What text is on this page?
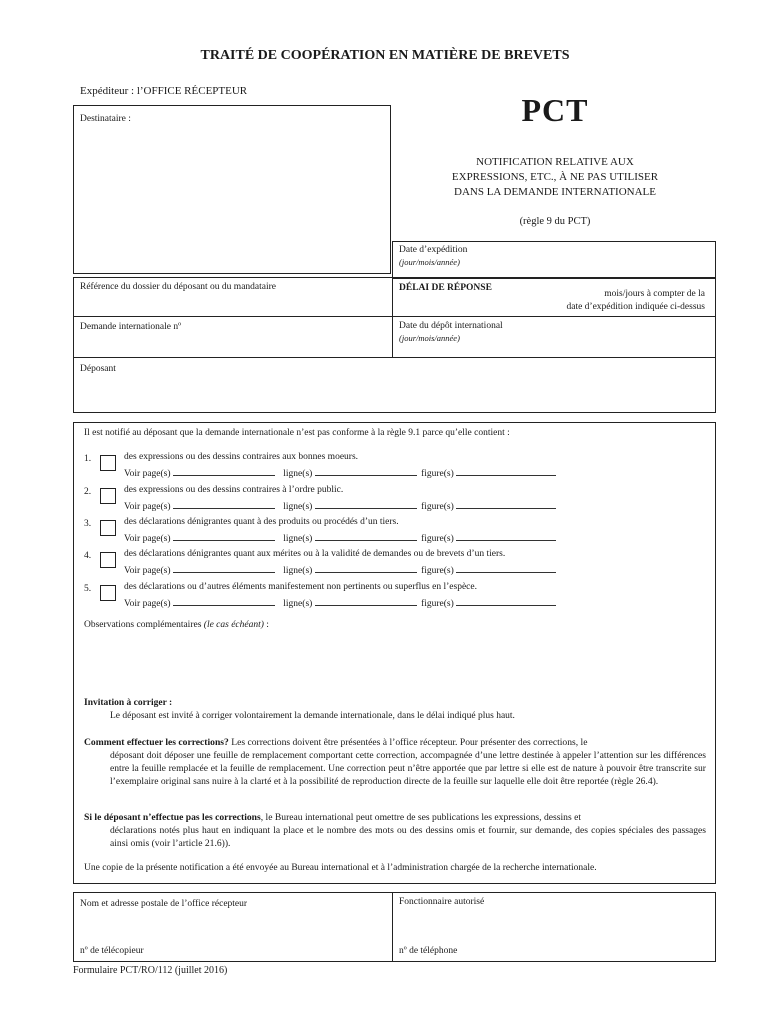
TRAITÉ DE COOPÉRATION EN MATIÈRE DE BREVETS
Expéditeur : l’OFFICE RÉCEPTEUR
Destinataire :	PCT
NOTIFICATION RELATIVE AUX
EXPRESSIONS, ETC., À NE PAS UTILISER
DANS LA DEMANDE INTERNATIONALE
(règle 9 du PCT)
Date d’expédition
(jour/mois/année)
Référence du dossier du déposant ou du mandataire	DÉLAI DE RÉPONSE
mois/jours à compter de la
date d’expédition indiquée ci-dessus
Demande internationale nº	Date du dépôt international
(jour/mois/année)
Déposant
Il est notifié au déposant que la demande internationale n’est pas conforme à la règle 9.1 parce qu’elle contient :
1.	des expressions ou des dessins contraires aux bonnes moeurs.
Voir page(s)	ligne(s)	figure(s)
2.	des expressions ou des dessins contraires à l’ordre public.
Voir page(s)	ligne(s)	figure(s)
3.	des déclarations dénigrantes quant à des produits ou procédés d’un tiers.
Voir page(s)	ligne(s)	figure(s)
4.	des déclarations dénigrantes quant aux mérites ou à la validité de demandes ou de brevets d’un tiers.
Voir page(s)	ligne(s)	figure(s)
5.	des déclarations ou d’autres éléments manifestement non pertinents ou superflus en l’espèce.
Voir page(s)	ligne(s)	figure(s)
Observations complémentaires (le cas échéant) :
Invitation à corriger :
Le déposant est invité à corriger volontairement la demande internationale, dans le délai indiqué plus haut.
Comment effectuer les corrections? Les corrections doivent être présentées à l’office récepteur. Pour présenter des corrections, le
déposant doit déposer une feuille de remplacement comportant cette correction, accompagnée d’une lettre destinée à appeler l’attention sur les différences entre la feuille remplacée et la feuille de remplacement. Une correction peut n’être apportée que par lettre si elle est de nature à pouvoir être transcrite sur l’exemplaire original sans nuire à la clarté et à la possibilité de reproduction directe de la feuille sur laquelle elle doit être reportée (règle 26.4).
Si le déposant n’effectue pas les corrections, le Bureau international peut omettre de ses publications les expressions, dessins et
déclarations notés plus haut en indiquant la place et le nombre des mots ou des dessins omis et fournir, sur demande, des copies spéciales des passages ainsi omis (voir l’article 21.6)).
Une copie de la présente notification a été envoyée au Bureau international et à l’administration chargée de la recherche internationale.
Nom et adresse postale de l’office récepteur
nº de télécopieur
Fonctionnaire autorisé
nº de téléphone
Formulaire PCT/RO/112 (juillet 2016)
